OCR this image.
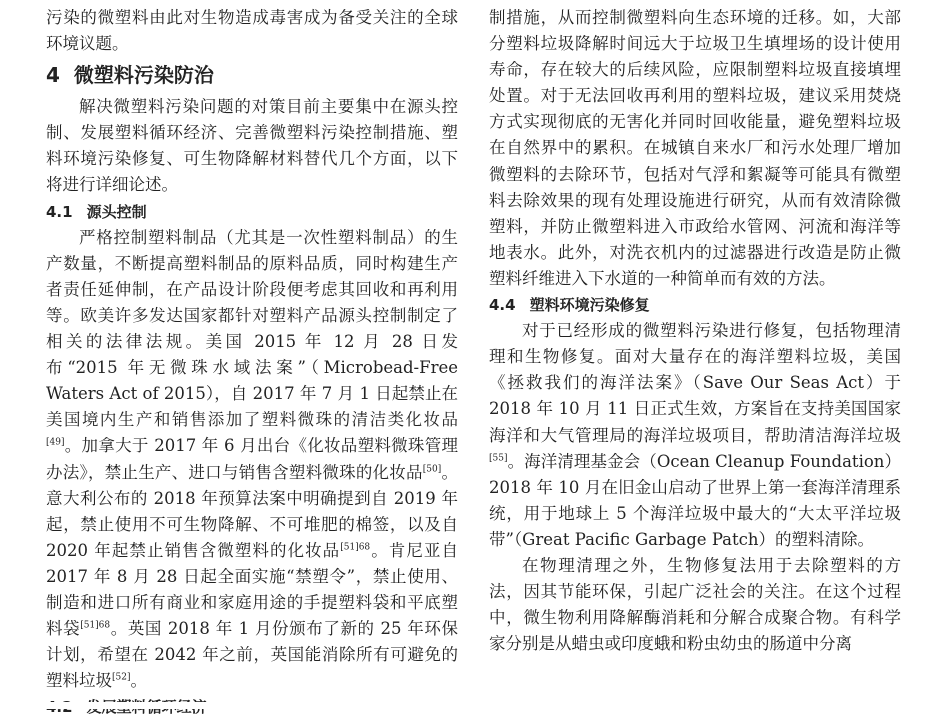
污染的微塑料由此对生物造成毒害成为备受关注的全球环境议题。

4 微塑料污染防治

解决微塑料污染问题的对策目前主要集中在源头控制、发展塑料循环经济、完善微塑料污染控制措施、塑料环境污染修复、可生物降解材料替代几个方面，以下将进行详细论述。

4.1 源头控制

严格控制塑料制品（尤其是一次性塑料制品）的生产数量，不断提高塑料制品的原料品质，同时构建生产者责任延伸制，在产品设计阶段便考虑其回收和再利用等。欧美许多发达国家都针对塑料产品源头控制制定了相关的法律法规。美国 2015 年 12 月 28 日发布“2015 年无微珠水域法案”（Microbead-Free Waters Act of 2015），自 2017 年 7 月 1 日起禁止在美国境内生产和销售添加了塑料微珠的清洁类化妆品[49]。加拿大于 2017 年 6 月出台《化妆品塑料微珠管理办法》，禁止生产、进口与销售含塑料微珠的化妆品[50]。意大利公布的 2018 年预算法案中明确提到自 2019 年起，禁止使用不可生物降解、不可堆肥的棉签，以及自 2020 年起禁止销售含微塑料的化妆品$^{[51]68}$。肯尼亚自 2017 年 8 月 28 日起全面实施“禁塑令”，禁止使用、制造和进口所有商业和家庭用途的手提塑料袋和平底塑料袋$^{[51]68}$。英国 2018 年 1 月份颁布了新的 25 年环保计划，希望在 2042 年之前，英国能消除所有可避免的塑料垃圾[52]。

制措施，从而控制微塑料向生态环境的迁移。如，大部分塑料垃圾降解时间远大于垃圾卫生填埋场的设计使用寿命，存在较大的后续风险，应限制塑料垃圾直接填埋处置。对于无法回收再利用的塑料垃圾，建议采用焚烧方式实现彻底的无害化并同时回收能量，避免塑料垃圾在自然界中的累积。在城镇自来水厂和污水处理厂增加微塑料的去除环节，包括对气浮和絮凝等可能具有微塑料去除效果的现有处理设施进行研究，从而有效清除微塑料，并防止微塑料进入市政给水管网、河流和海洋等地表水。此外，对洗衣机内的过滤器进行改造是防止微塑料纤维进入下水道的一种简单而有效的方法。

4.4 塑料环境污染修复

对于已经形成的微塑料污染进行修复，包括物理清理和生物修复。面对大量存在的海洋塑料垃圾，美国《拯救我们的海洋法案》（Save Our Seas Act）于 2018 年 10 月 11 日正式生效，方案旨在支持美国国家海洋和大气管理局的海洋垃圾项目，帮助清洁海洋垃圾[55]。海洋清理基金会（Ocean Cleanup Foundation）2018 年 10 月在旧金山启动了世界上第一套海洋清理系统，用于地球上 5 个海洋垃圾中最大的“大太平洋垃圾带”（Great Pacific Garbage Patch）的塑料清除。

在物理清理之外，生物修复法用于去除塑料的方法，因其节能环保，引起广泛社会的关注。在这个过程中，微生物利用降解酶消耗和分解合成聚合物。有科学家分别是从蜡虫或印度蛾和粉虫幼虫的肠道中分离
